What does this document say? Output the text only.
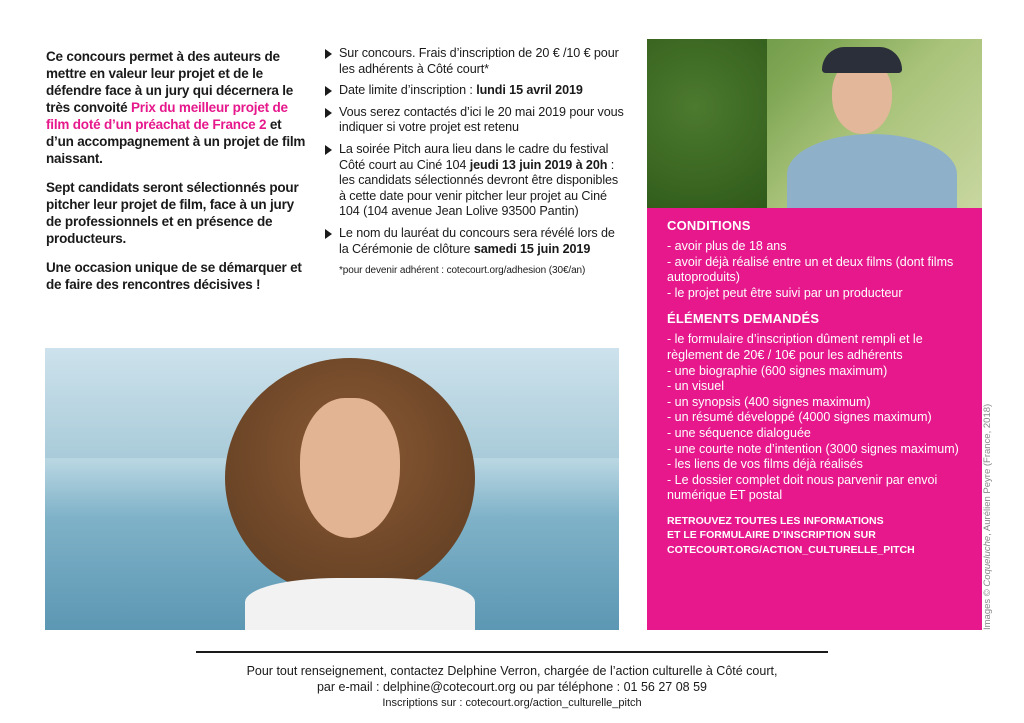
Ce concours permet à des auteurs de mettre en valeur leur projet et de le défendre face à un jury qui décernera le très convoité Prix du meilleur projet de film doté d’un préachat de France 2 et d’un accompagnement à un projet de film naissant.

Sept candidats seront sélectionnés pour pitcher leur projet de film, face à un jury de professionnels et en présence de producteurs.

Une occasion unique de se démarquer et de faire des rencontres décisives !

Sur concours. Frais d’inscription de 20 € /10 € pour les adhérents à Côté court*
Date limite d’inscription : lundi 15 avril 2019
Vous serez contactés d’ici le 20 mai 2019 pour vous indiquer si votre projet est retenu
La soirée Pitch aura lieu dans le cadre du festival Côté court au Ciné 104 jeudi 13 juin 2019 à 20h : les candidats sélectionnés devront être disponibles à cette date pour venir pitcher leur projet au Ciné 104 (104 avenue Jean Lolive 93500 Pantin)
Le nom du lauréat du concours sera révélé lors de la Cérémonie de clôture samedi 15 juin 2019
*pour devenir adhérent : cotecourt.org/adhesion (30€/an)
CONDITIONS
- avoir plus de 18 ans
- avoir déjà réalisé entre un et deux films (dont films autoproduits)
- le projet peut être suivi par un producteur
ÉLÉMENTS DEMANDÉS
- le formulaire d’inscription dûment rempli et le règlement de 20€ / 10€ pour les adhérents
- une biographie (600 signes maximum)
- un visuel
- un synopsis (400 signes maximum)
- un résumé développé (4000 signes maximum)
- une séquence dialoguée
- une courte note d’intention (3000 signes maximum)
- les liens de vos films déjà réalisés
- Le dossier complet doit nous parvenir par envoi numérique ET postal
RETROUVEZ TOUTES LES INFORMATIONS
ET LE FORMULAIRE D’INSCRIPTION SUR
COTECOURT.ORG/ACTION_CULTURELLE_PITCH
Images © Coqueluche, Aurélien Peyre (France, 2018)
Pour tout renseignement, contactez Delphine Verron, chargée de l’action culturelle à Côté court,
par e-mail : delphine@cotecourt.org ou par téléphone : 01 56 27 08 59
Inscriptions sur : cotecourt.org/action_culturelle_pitch
